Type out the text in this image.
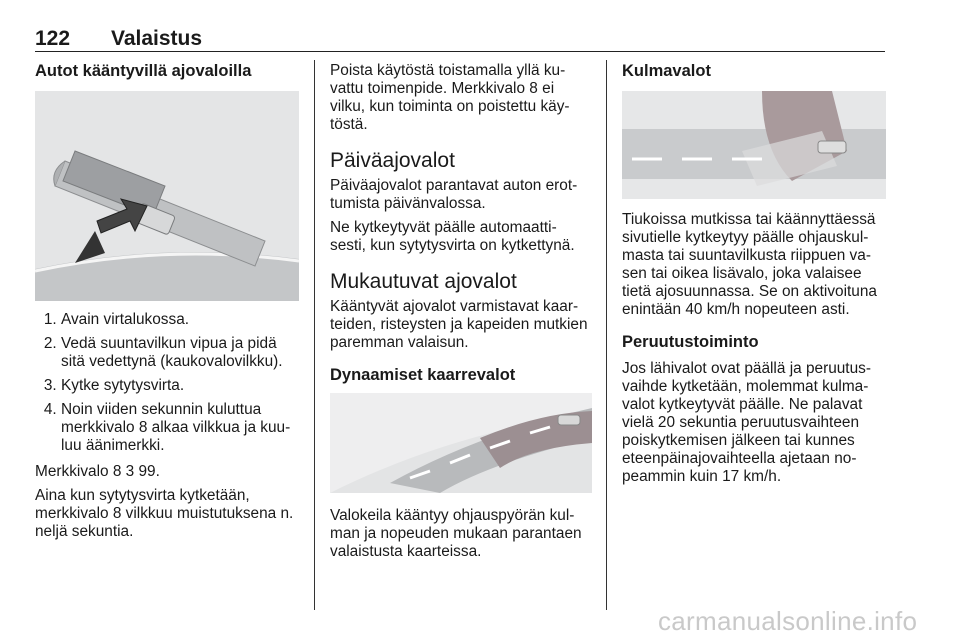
122 Valaistus
Autot kääntyvillä ajovaloilla
1. Avain virtalukossa.
2. Vedä suuntavilkun vipua ja pidä sitä vedettynä (kaukovalovilkku).
3. Kytke sytytysvirta.
4. Noin viiden sekunnin kuluttua merkkivalo 8 alkaa vilkkua ja kuu-luu äänimerkki.

Merkkivalo 8 3 99.

Aina kun sytytysvirta kytketään, merkkivalo 8 vilkkuu muistutuksena n. neljä sekuntia.

Poista käytöstä toistamalla yllä ku-vattu toimenpide. Merkkivalo 8 ei vilku, kun toiminta on poistettu käy-töstä.

Päiväajovalot

Päiväajovalot parantavat auton erot-tumista päivänvalossa.

Ne kytkeytyvät päälle automaatti-sesti, kun sytytysvirta on kytkettynä.

Mukautuvat ajovalot

Kääntyvät ajovalot varmistavat kaar-teiden, risteysten ja kapeiden mutkien paremman valaisun.

Dynaamiset kaarrevalot

Valokeila kääntyy ohjauspyörän kul-man ja nopeuden mukaan parantaen valaistusta kaarteissa.

Kulmavalot

Tiukoissa mutkissa tai käännyttäessä sivutielle kytkeytyy päälle ohjauskul-masta tai suuntavilkusta riippuen va-sen tai oikea lisävalo, joka valaisee tietä ajosuunnassa. Se on aktivoituna enintään 40 km/h nopeuteen asti.

Peruutustoiminto

Jos lähivalot ovat päällä ja peruutus-vaihde kytketään, molemmat kulma-valot kytkeytyvät päälle. Ne palavat vielä 20 sekuntia peruutusvaihteen poiskytkemisen jälkeen tai kunnes eteenpäinajovaihteella ajetaan no-peammin kuin 17 km/h.

carmanualsonline.info
